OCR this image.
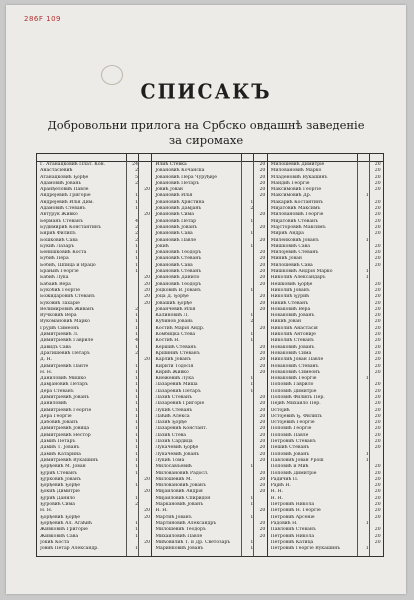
286F 109
СПИСАКЪ
Добровольни прилога на Србско овдашнѣ заведенiе
за сиромахе
Г. Атанацковић Плат. Кон.	24
Анастасiевић	2
Атанацковић Ђорђе	5
Адамовић Јовань	2
Аранђеловић Павле	20
Андрејевић Григорiе	1
Андрејевић Илiя Дим.	1
Адамовић Стеванъ	1
Автурук Живко	20
Берманъ Стеванъ	4
Будимирић Константинъ	2
Бирић Филипъ	2
Бошковић Сава	2
Букић Лазаръ	1
Бенишковић Коста	1
Бубић Пера	1
Бобић, Шпица и Врацо	1
Брањић Георгiе	1
Бабић Лука	20
Бабаић Вера	20
Букобић Георгiе	20
Божидаровић Стеванъ	20
Буковић Захарiе	20
Велимировић Живанъ	2
Вучковић Вера	1
Вукомановић Марко	1
Грујић Симеонъ	1
Димитрiевић Л.	1
Димитрiевић Гавриле	4
Давидъ Сава	1
Драгишевић Петаръ	2
Д. Н.	20
Димитрiевић Панте	1
Н. Н.	1
Даниловић Мишко	1
Дамјановић Петаръ	1
Дера Стеванъ	1
Димитрiевић Јованъ	1
Даниловић	1
Димитрiевић Георгiе	1
Дера Георгiе	1
Дабовић Јованъ	1
Димитрiевић Јовица	1
Димитрiевић Нестор	1
Дамић Петаръ	1
Дамић Т. Јованъ	1
Дамић Катарина	1
Димитрiевић Вукашинъ	1
Ђорђевић М. Јован	1
Ђурић Стеванъ	1
Ђурковић Јованъ	20
Ђорђевић Ђорђе	1
Ђокић Димитрiе	20
Ђурић Данило	1
Ђуровић Сима	2
Н. Н.	20
Ђорђевић Ђорђе	20
Ђорђевић Ал. Агаћић	1
Живковић Григорiе	1
Живковић Сава	1
Јокић Коста	20
Јовић Петар Александр.	1
Илић Стевка	20
Јовановић Кочанска	20
Јовановић Пера Чуруђије	20
Јовановић Петаръ	20
Јовић Јован	20
Јовановић Илiя	20
Јовановић Христина	1
Јовановић Дамјанъ	2
Јовановић Сима	20
Јовановић Петар	1
Јовановић Јованъ	20
Јовановић Сава	1
Јовановић Павле	20
Јокић	1
Јовановић Теодоръ	20
Јовановић Стеванъ	20
Јовановић Сава	20
Јовановић Стеванъ	20
Јовановић Данило	20
Јовановић Теодоръ	20
Јоцковић В. Јованъ	1
Јоца Д. Ђорђе	20
Јовашић Ђорђе	20
Јованчевић Илiя	20
Калиновић Л.	1
Кубинов Јовань	2
Костић Марiя Андр.	20
Комбицка Стева	1
Костић Н.	1
Кершић Стеванъ	20
Кршинић Стеванъ	20
Карлић Јованъ	20
Кирити Тодосiя	20
Кирић Живко	20
Кнежевић Лука	1
Лазаревић Миша	1
Лазаревић Петаръ	1
Лазић Стеванъ	20
Лазаревић Григорiе	20
Лукић Стеванъ	20
Лаћић Алекса	20
Лазић Ђорђе	20
Лазаревић Констант.	20
Лазић Стева	20
Лазић Сардица	20
Лукачевић Ђорђе	20
Лукачевић Јованъ	20
Лукић Тома	20
Милосављевић	1
Миловановић Радосл.	20
Милошевић М.	20
Миловановић Јованъ	20
Мијаиловић Андрiя	20
Мијаиловић Спиридон	1
Маркановић Јованъ	1
Н. Н.	20
Мартић Јованъ	1
Мартиновић Александръ	20
Милошевић Теодоръ	20
Михаиловић Павле	20
Мићовилић Т. и Др. Светозаръ	1
Маринковић Јованъ	1
Милошевић Димитрiе	20
Миловановић Марко	20
Младеновић Вукашинъ	20
Мандић Георгiе	20
Максимовић Георгiе	20
Максимовић Др.	1
Макарић Костантинъ	20
Мијатовић Максимъ	20
Миловановић Георгiе	20
Мијатовић Стеванъ	20
Мајсторовић Максимъ	20
Мирић Андра	20
Миленковић Јованъ	1
Мишковић Сава	20
Милојевић Стеванъ	20
Минић Јован	20
Милошевић Сава	20
Мишковић Андрiя Марко	1
Николић Александаръ	1
Нешковић Ђорђе	20
Николић Јованъ	20
Николић Ђурић	20
Никић Стеванъ	20
Новаковић Вера	20
Новаковић Јованъ	20
Никић Јован	20
Николић Анастасiя	20
Николић Антоније	20
Николић Стеванъ	20
Новаковић Јованъ	20
Новаковић Сима	20
Николић Јован Павле	20
Новаковић Стеванъ	20
Новаковић Симеонъ	20
Новаковић Георгiе	1
Поповић Гаврило	20
Поповић Димитрiе	20
Поповић Филипъ Пер.	20
Пејић Михаило Пер.	20
Остојић	20
Остојевић Ђ. Филипъ	20
Остојевић Георгiе	20
Поповић Георгiе	20
Поповић Павле	20
Петровић Стеванъ	20
Пешић Стеванъ	20
Поповић Јованъ	1
Павловић Јован Урош	1
Поповић и Мић	20
Поповић Димитрiе	20
Радичић П.	20
Рајић Н.	20
Н. Н.	20
Н. Н.	20
Петровић Никола	20
Петровић Н. Георгiе	20
Петровић Арсенiе	20
Радовић Н.	1
Павловић Стеванъ	20
Петровић Никола	20
Петровић Катица	20
Петровић Георгiе Вукашинъ	1
